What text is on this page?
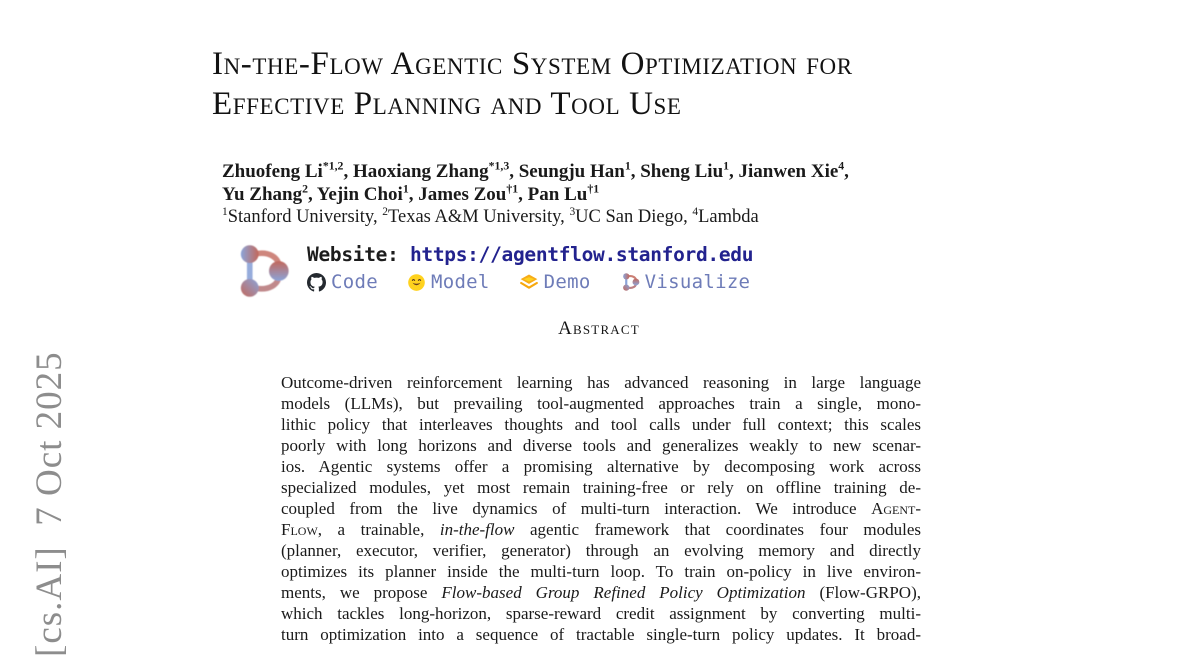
[cs.AI]  7 Oct 2025
In-the-Flow Agentic System Optimization for
Effective Planning and Tool Use
Zhuofeng Li$^{*1,2}$, Haoxiang Zhang$^{*1,3}$, Seungju Han$^1$, Sheng Liu$^1$, Jianwen Xie$^4$,
Yu Zhang$^2$, Yejin Choi$^1$, James Zou$^{\dagger 1}$, Pan Lu$^{\dagger 1}$
$^1$Stanford University, $^2$Texas A&M University, $^3$UC San Diego, $^4$Lambda
Website: https://agentflow.stanford.edu
Code	Model	Demo	Visualize
Abstract
Outcome-driven reinforcement learning has advanced reasoning in large language
models (LLMs), but prevailing tool-augmented approaches train a single, mono-
lithic policy that interleaves thoughts and tool calls under full context; this scales
poorly with long horizons and diverse tools and generalizes weakly to new scenar-
ios. Agentic systems offer a promising alternative by decomposing work across
specialized modules, yet most remain training-free or rely on offline training de-
coupled from the live dynamics of multi-turn interaction. We introduce Agent-
Flow, a trainable, in-the-flow agentic framework that coordinates four modules
(planner, executor, verifier, generator) through an evolving memory and directly
optimizes its planner inside the multi-turn loop. To train on-policy in live environ-
ments, we propose Flow-based Group Refined Policy Optimization (Flow-GRPO),
which tackles long-horizon, sparse-reward credit assignment by converting multi-
turn optimization into a sequence of tractable single-turn policy updates. It broad-
